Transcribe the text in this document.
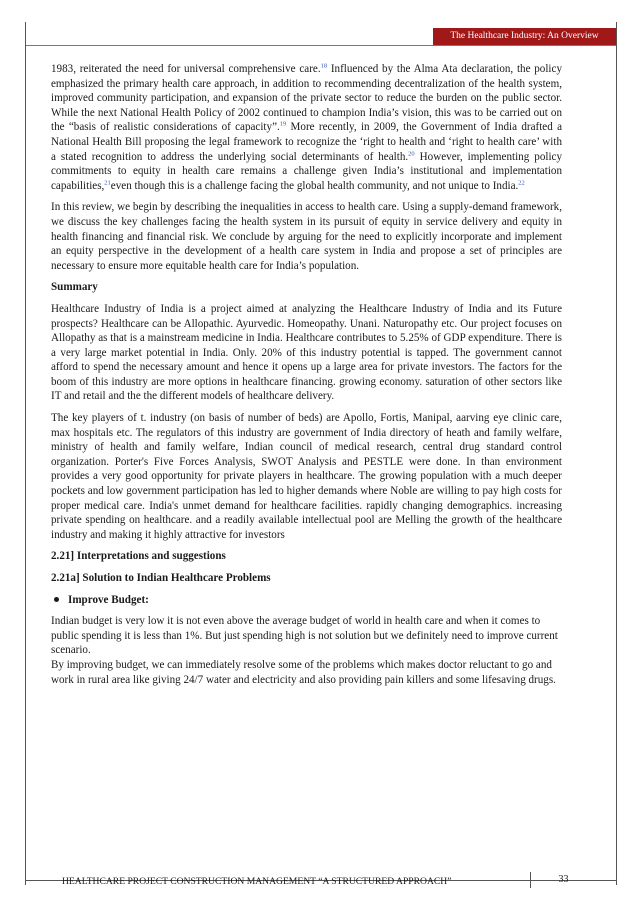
The Healthcare Industry: An Overview

1983, reiterated the need for universal comprehensive care.$^{18}$ Influenced by the Alma Ata declaration, the policy emphasized the primary health care approach, in addition to recommending decentralization of the health system, improved community participation, and expansion of the private sector to reduce the burden on the public sector. While the next National Health Policy of 2002 continued to champion India’s vision, this was to be carried out on the “basis of realistic considerations of capacity”.$^{19}$ More recently, in 2009, the Government of India drafted a National Health Bill proposing the legal framework to recognize the ‘right to health and ‘right to health care’ with a stated recognition to address the underlying social determinants of health.$^{20}$ However, implementing policy commitments to equity in health care remains a challenge given India’s institutional and implementation capabilities,$^{21}$even though this is a challenge facing the global health community, and not unique to India.$^{22}$

In this review, we begin by describing the inequalities in access to health care. Using a supply-demand framework, we discuss the key challenges facing the health system in its pursuit of equity in service delivery and equity in health financing and financial risk. We conclude by arguing for the need to explicitly incorporate and implement an equity perspective in the development of a health care system in India and propose a set of principles are necessary to ensure more equitable health care for India’s population.

Summary

Healthcare Industry of India is a project aimed at analyzing the Healthcare Industry of India and its Future prospects? Healthcare can be Allopathic. Ayurvedic. Homeopathy. Unani. Naturopathy etc. Our project focuses on Allopathy as that is a mainstream medicine in India. Healthcare contributes to 5.25% of GDP expenditure. There is a very large market potential in India. Only. 20% of this industry potential is tapped. The government cannot afford to spend the necessary amount and hence it opens up a large area for private investors. The factors for the boom of this industry are more options in healthcare financing. growing economy. saturation of other sectors like IT and retail and the the different models of healthcare delivery.

The key players of t. industry (on basis of number of beds) are Apollo, Fortis, Manipal, aarving eye clinic care, max hospitals etc. The regulators of this industry are government of India directory of heath and family welfare, ministry of health and family welfare, Indian council of medical research, central drug standard control organization. Porter's Five Forces Analysis, SWOT Analysis and PESTLE were done. In than environment provides a very good opportunity for private players in healthcare. The growing population with a much deeper pockets and low government participation has led to higher demands where Noble are willing to pay high costs for proper medical care. India's unmet demand for healthcare facilities. rapidly changing demographics. increasing private spending on healthcare. and a readily available intellectual pool are Melling the growth of the healthcare industry and making it highly attractive for investors

2.21] Interpretations and suggestions

2.21a] Solution to Indian Healthcare Problems

Improve Budget:

Indian budget is very low it is not even above the average budget of world in health care and when it comes to public spending it is less than 1%. But just spending high is not solution but we definitely need to improve current scenario.

By improving budget, we can immediately resolve some of the problems which makes doctor reluctant to go and work in rural area like giving 24/7 water and electricity and also providing pain killers and some lifesaving drugs.

HEALTHCARE PROJECT CONSTRUCTION MANAGEMENT “A STRUCTURED APPROACH”	33
